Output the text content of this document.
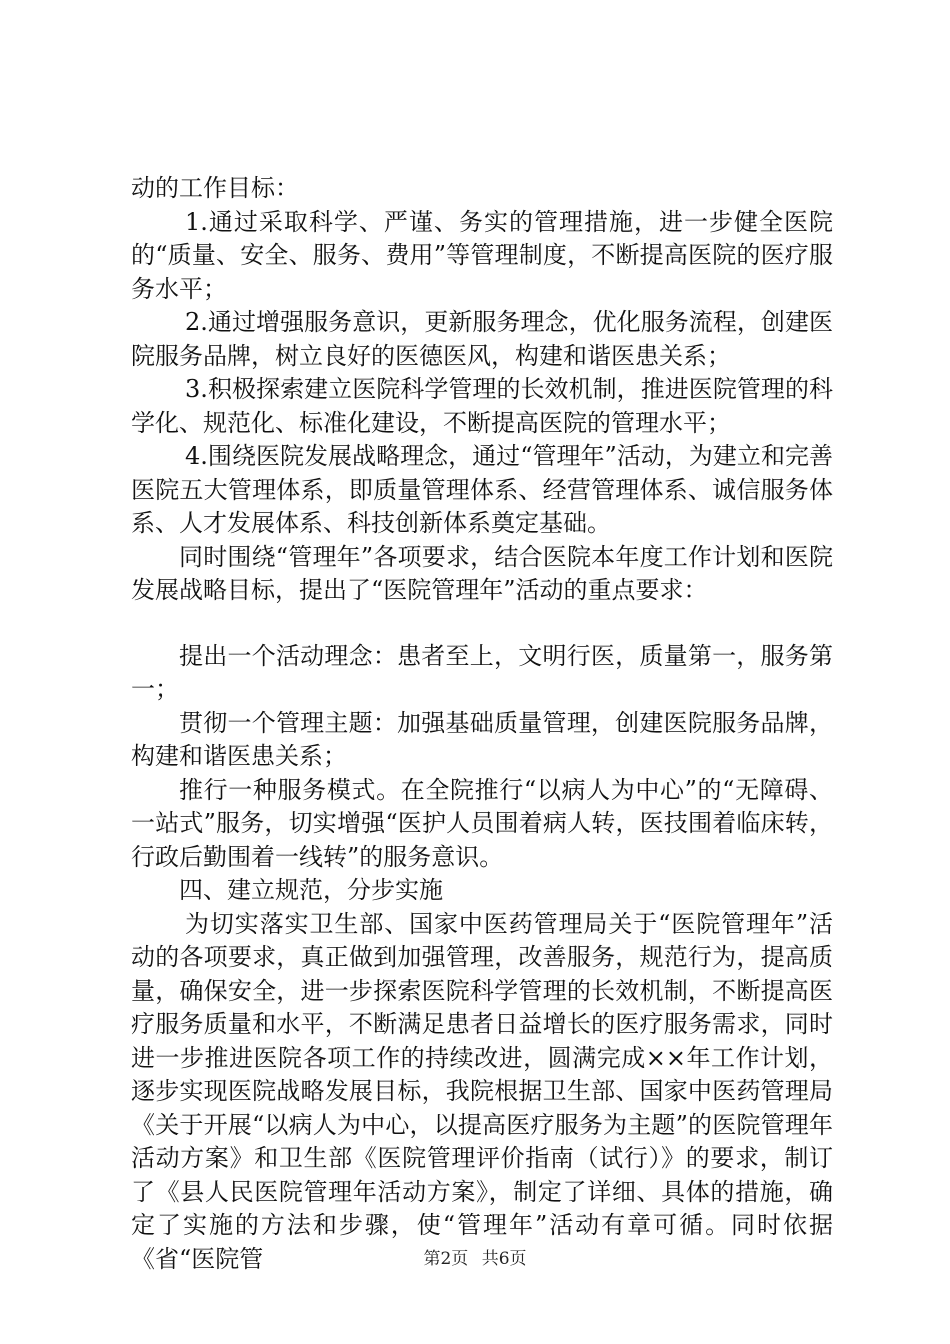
动的工作目标：

1.通过采取科学、严谨、务实的管理措施，进一步健全医院的“质量、安全、服务、费用”等管理制度，不断提高医院的医疗服务水平；

2.通过增强服务意识，更新服务理念，优化服务流程，创建医院服务品牌，树立良好的医德医风，构建和谐医患关系；

3.积极探索建立医院科学管理的长效机制，推进医院管理的科学化、规范化、标准化建设，不断提高医院的管理水平；

4.围绕医院发展战略理念，通过“管理年”活动，为建立和完善医院五大管理体系，即质量管理体系、经营管理体系、诚信服务体系、人才发展体系、科技创新体系奠定基础。

同时围绕“管理年”各项要求，结合医院本年度工作计划和医院发展战略目标，提出了“医院管理年”活动的重点要求：

提出一个活动理念：患者至上，文明行医，质量第一，服务第一；

贯彻一个管理主题：加强基础质量管理，创建医院服务品牌，构建和谐医患关系；

推行一种服务模式。在全院推行“以病人为中心”的“无障碍、一站式”服务，切实增强“医护人员围着病人转，医技围着临床转，行政后勤围着一线转”的服务意识。

四、建立规范，分步实施

为切实落实卫生部、国家中医药管理局关于“医院管理年”活动的各项要求，真正做到加强管理，改善服务，规范行为，提高质量，确保安全，进一步探索医院科学管理的长效机制，不断提高医疗服务质量和水平，不断满足患者日益增长的医疗服务需求，同时进一步推进医院各项工作的持续改进，圆满完成××年工作计划，逐步实现医院战略发展目标，我院根据卫生部、国家中医药管理局《关于开展“以病人为中心，以提高医疗服务为主题”的医院管理年活动方案》和卫生部《医院管理评价指南（试行）》的要求，制订了《县人民医院管理年活动方案》，制定了详细、具体的措施，确定了实施的方法和步骤，使“管理年”活动有章可循。同时依据《省“医院管	第2页 共6页
